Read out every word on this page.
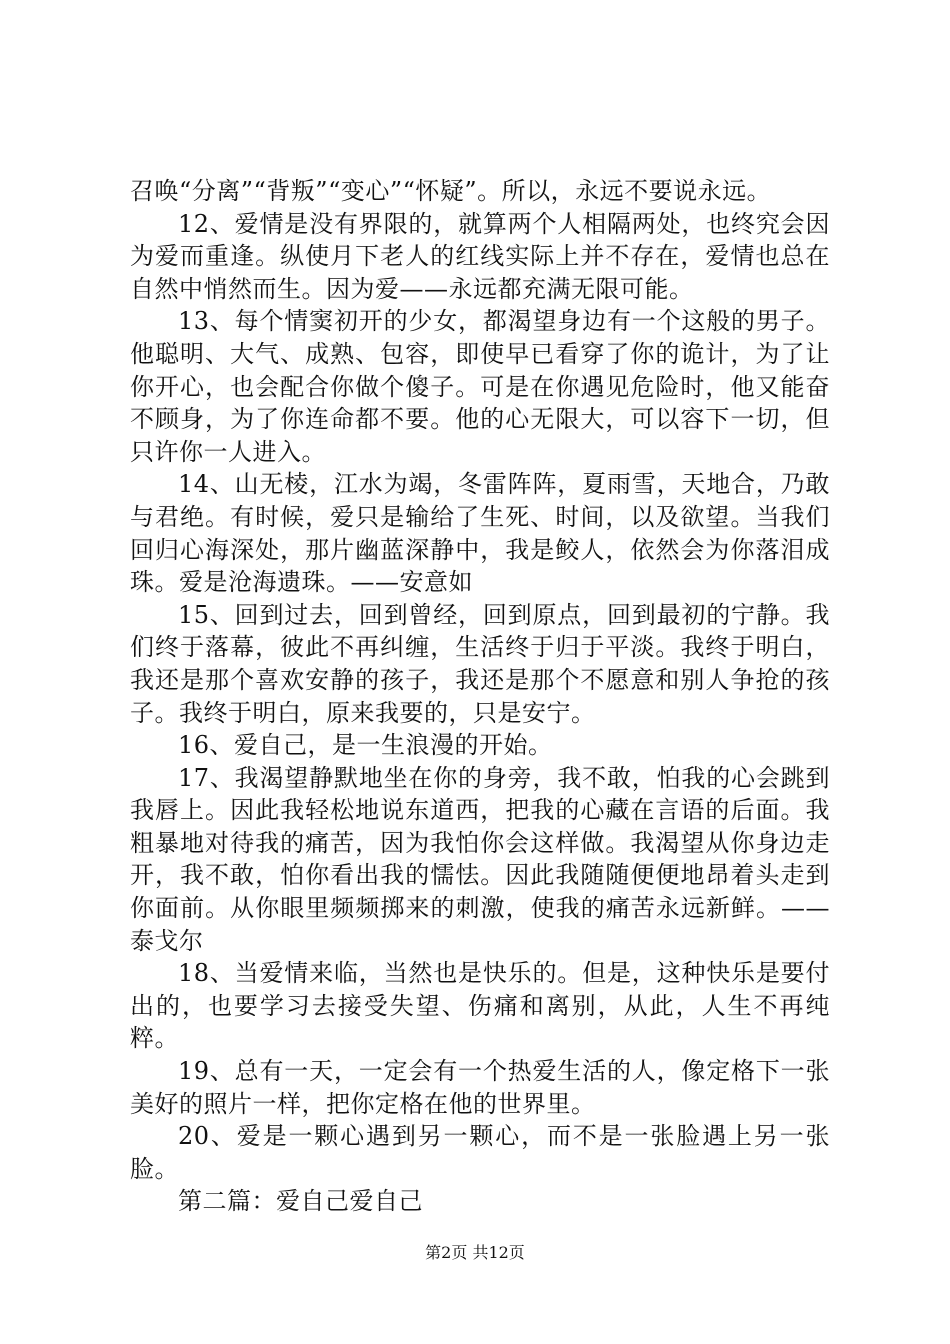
召唤“分离”“背叛”“变心”“怀疑”。所以，永远不要说永远。

12、爱情是没有界限的，就算两个人相隔两处，也终究会因为爱而重逢。纵使月下老人的红线实际上并不存在，爱情也总在自然中悄然而生。因为爱——永远都充满无限可能。

13、每个情窦初开的少女，都渴望身边有一个这般的男子。他聪明、大气、成熟、包容，即使早已看穿了你的诡计，为了让你开心，也会配合你做个傻子。可是在你遇见危险时，他又能奋不顾身，为了你连命都不要。他的心无限大，可以容下一切，但只许你一人进入。

14、山无棱，江水为竭，冬雷阵阵，夏雨雪，天地合，乃敢与君绝。有时候，爱只是输给了生死、时间，以及欲望。当我们回归心海深处，那片幽蓝深静中，我是鲛人，依然会为你落泪成珠。爱是沧海遗珠。——安意如

15、回到过去，回到曾经，回到原点，回到最初的宁静。我们终于落幕，彼此不再纠缠，生活终于归于平淡。我终于明白，我还是那个喜欢安静的孩子，我还是那个不愿意和别人争抢的孩子。我终于明白，原来我要的，只是安宁。

16、爱自己，是一生浪漫的开始。

17、我渴望静默地坐在你的身旁，我不敢，怕我的心会跳到我唇上。因此我轻松地说东道西，把我的心藏在言语的后面。我粗暴地对待我的痛苦，因为我怕你会这样做。我渴望从你身边走开，我不敢，怕你看出我的懦怯。因此我随随便便地昂着头走到你面前。从你眼里频频掷来的刺激，使我的痛苦永远新鲜。——泰戈尔

18、当爱情来临，当然也是快乐的。但是，这种快乐是要付出的，也要学习去接受失望、伤痛和离别，从此，人生不再纯粹。

19、总有一天，一定会有一个热爱生活的人，像定格下一张美好的照片一样，把你定格在他的世界里。

20、爱是一颗心遇到另一颗心，而不是一张脸遇上另一张脸。

第二篇：爱自己爱自己

第2页 共12页
